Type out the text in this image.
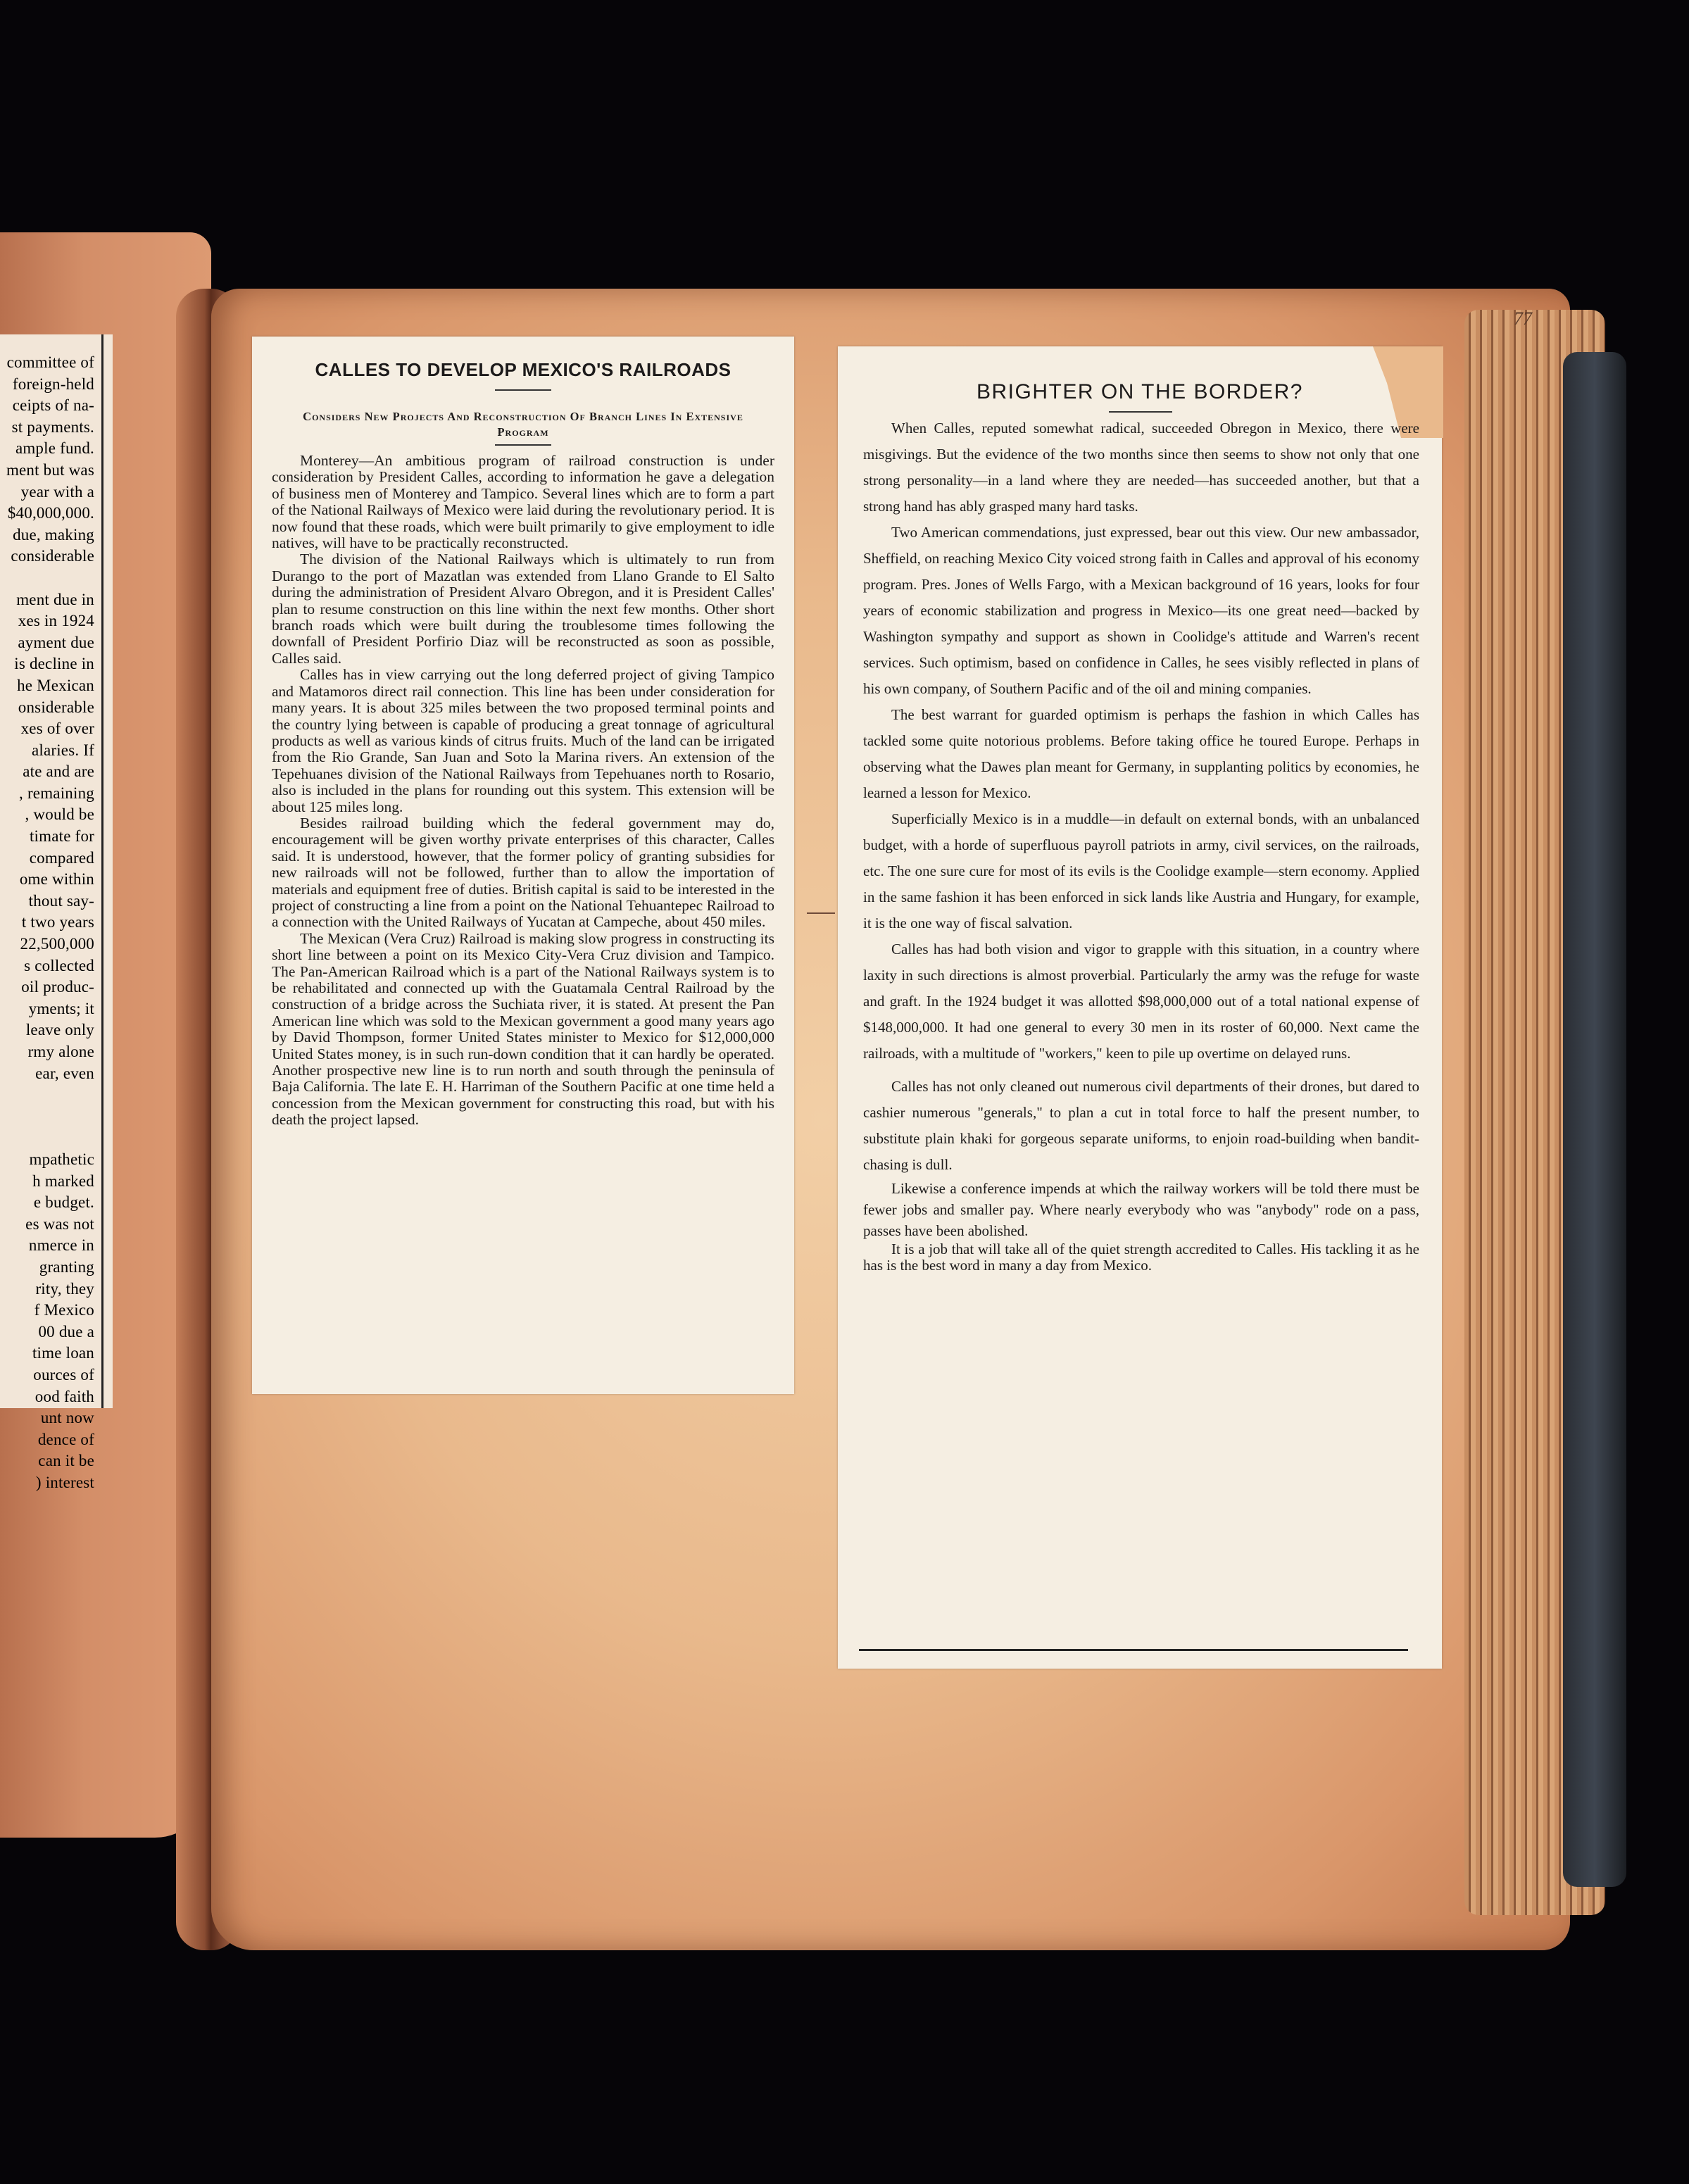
77

committee of

foreign-held

ceipts of na-

st payments.

ample fund.

ment but was

year with a

$40,000,000.

due, making

considerable

ment due in

xes in 1924

ayment due

is decline in

he Mexican

onsiderable

xes of over

alaries. If

ate and are

, remaining

, would be

timate for

compared

ome within

thout say-

t two years

22,500,000

s collected

oil produc-

yments; it

leave only

rmy alone

ear, even

mpathetic

h marked

e budget.

es was not

nmerce in

granting

rity, they

f Mexico

00 due a

time loan

ources of

ood faith

unt now

dence of

can it be

) interest

CALLES TO DEVELOP MEXICO'S RAILROADS
Considers New Projects And Reconstruction Of Branch Lines In Extensive Program

Monterey—An ambitious program of railroad construction is under consideration by President Calles, according to information he gave a delegation of business men of Monterey and Tampico. Several lines which are to form a part of the National Railways of Mexico were laid during the revolutionary period. It is now found that these roads, which were built primarily to give employment to idle natives, will have to be practically reconstructed.

The division of the National Railways which is ultimately to run from Durango to the port of Mazatlan was extended from Llano Grande to El Salto during the administration of President Alvaro Obregon, and it is President Calles' plan to resume construction on this line within the next few months. Other short branch roads which were built during the troublesome times following the downfall of President Porfirio Diaz will be reconstructed as soon as possible, Calles said.

Calles has in view carrying out the long deferred project of giving Tampico and Matamoros direct rail connection. This line has been under consideration for many years. It is about 325 miles between the two proposed terminal points and the country lying between is capable of producing a great tonnage of agricultural products as well as various kinds of citrus fruits. Much of the land can be irrigated from the Rio Grande, San Juan and Soto la Marina rivers. An extension of the Tepehuanes division of the National Railways from Tepehuanes north to Rosario, also is included in the plans for rounding out this system. This extension will be about 125 miles long.

Besides railroad building which the federal government may do, encouragement will be given worthy private enterprises of this character, Calles said. It is understood, however, that the former policy of granting subsidies for new railroads will not be followed, further than to allow the importation of materials and equipment free of duties. British capital is said to be interested in the project of constructing a line from a point on the National Tehuantepec Railroad to a connection with the United Railways of Yucatan at Campeche, about 450 miles.

The Mexican (Vera Cruz) Railroad is making slow progress in constructing its short line between a point on its Mexico City-Vera Cruz division and Tampico. The Pan-American Railroad which is a part of the National Railways system is to be rehabilitated and connected up with the Guatamala Central Railroad by the construction of a bridge across the Suchiata river, it is stated. At present the Pan American line which was sold to the Mexican government a good many years ago by David Thompson, former United States minister to Mexico for $12,000,000 United States money, is in such run-down condition that it can hardly be operated. Another prospective new line is to run north and south through the peninsula of Baja California. The late E. H. Harriman of the Southern Pacific at one time held a concession from the Mexican government for constructing this road, but with his death the project lapsed.

BRIGHTER ON THE BORDER?

When Calles, reputed somewhat radical, succeeded Obregon in Mexico, there were misgivings. But the evidence of the two months since then seems to show not only that one strong personality—in a land where they are needed—has succeeded another, but that a strong hand has ably grasped many hard tasks.

Two American commendations, just expressed, bear out this view. Our new ambassador, Sheffield, on reaching Mexico City voiced strong faith in Calles and approval of his economy program. Pres. Jones of Wells Fargo, with a Mexican background of 16 years, looks for four years of economic stabilization and progress in Mexico—its one great need—backed by Washington sympathy and support as shown in Coolidge's attitude and Warren's recent services. Such optimism, based on confidence in Calles, he sees visibly reflected in plans of his own company, of Southern Pacific and of the oil and mining companies.

The best warrant for guarded optimism is perhaps the fashion in which Calles has tackled some quite notorious problems. Before taking office he toured Europe. Perhaps in observing what the Dawes plan meant for Germany, in supplanting politics by economies, he learned a lesson for Mexico.

Superficially Mexico is in a muddle—in default on external bonds, with an unbalanced budget, with a horde of superfluous payroll patriots in army, civil services, on the railroads, etc. The one sure cure for most of its evils is the Coolidge example—stern economy. Applied in the same fashion it has been enforced in sick lands like Austria and Hungary, for example, it is the one way of fiscal salvation.

Calles has had both vision and vigor to grapple with this situation, in a country where laxity in such directions is almost proverbial. Particularly the army was the refuge for waste and graft. In the 1924 budget it was allotted $98,000,000 out of a total national expense of $148,000,000. It had one general to every 30 men in its roster of 60,000. Next came the railroads, with a multitude of "workers," keen to pile up overtime on delayed runs.

Calles has not only cleaned out numerous civil departments of their drones, but dared to cashier numerous "generals," to plan a cut in total force to half the present number, to substitute plain khaki for gorgeous separate uniforms, to enjoin road-building when bandit-chasing is dull.

Likewise a conference impends at which the railway workers will be told there must be fewer jobs and smaller pay. Where nearly everybody who was "anybody" rode on a pass, passes have been abolished.

It is a job that will take all of the quiet strength accredited to Calles. His tackling it as he has is the best word in many a day from Mexico.
